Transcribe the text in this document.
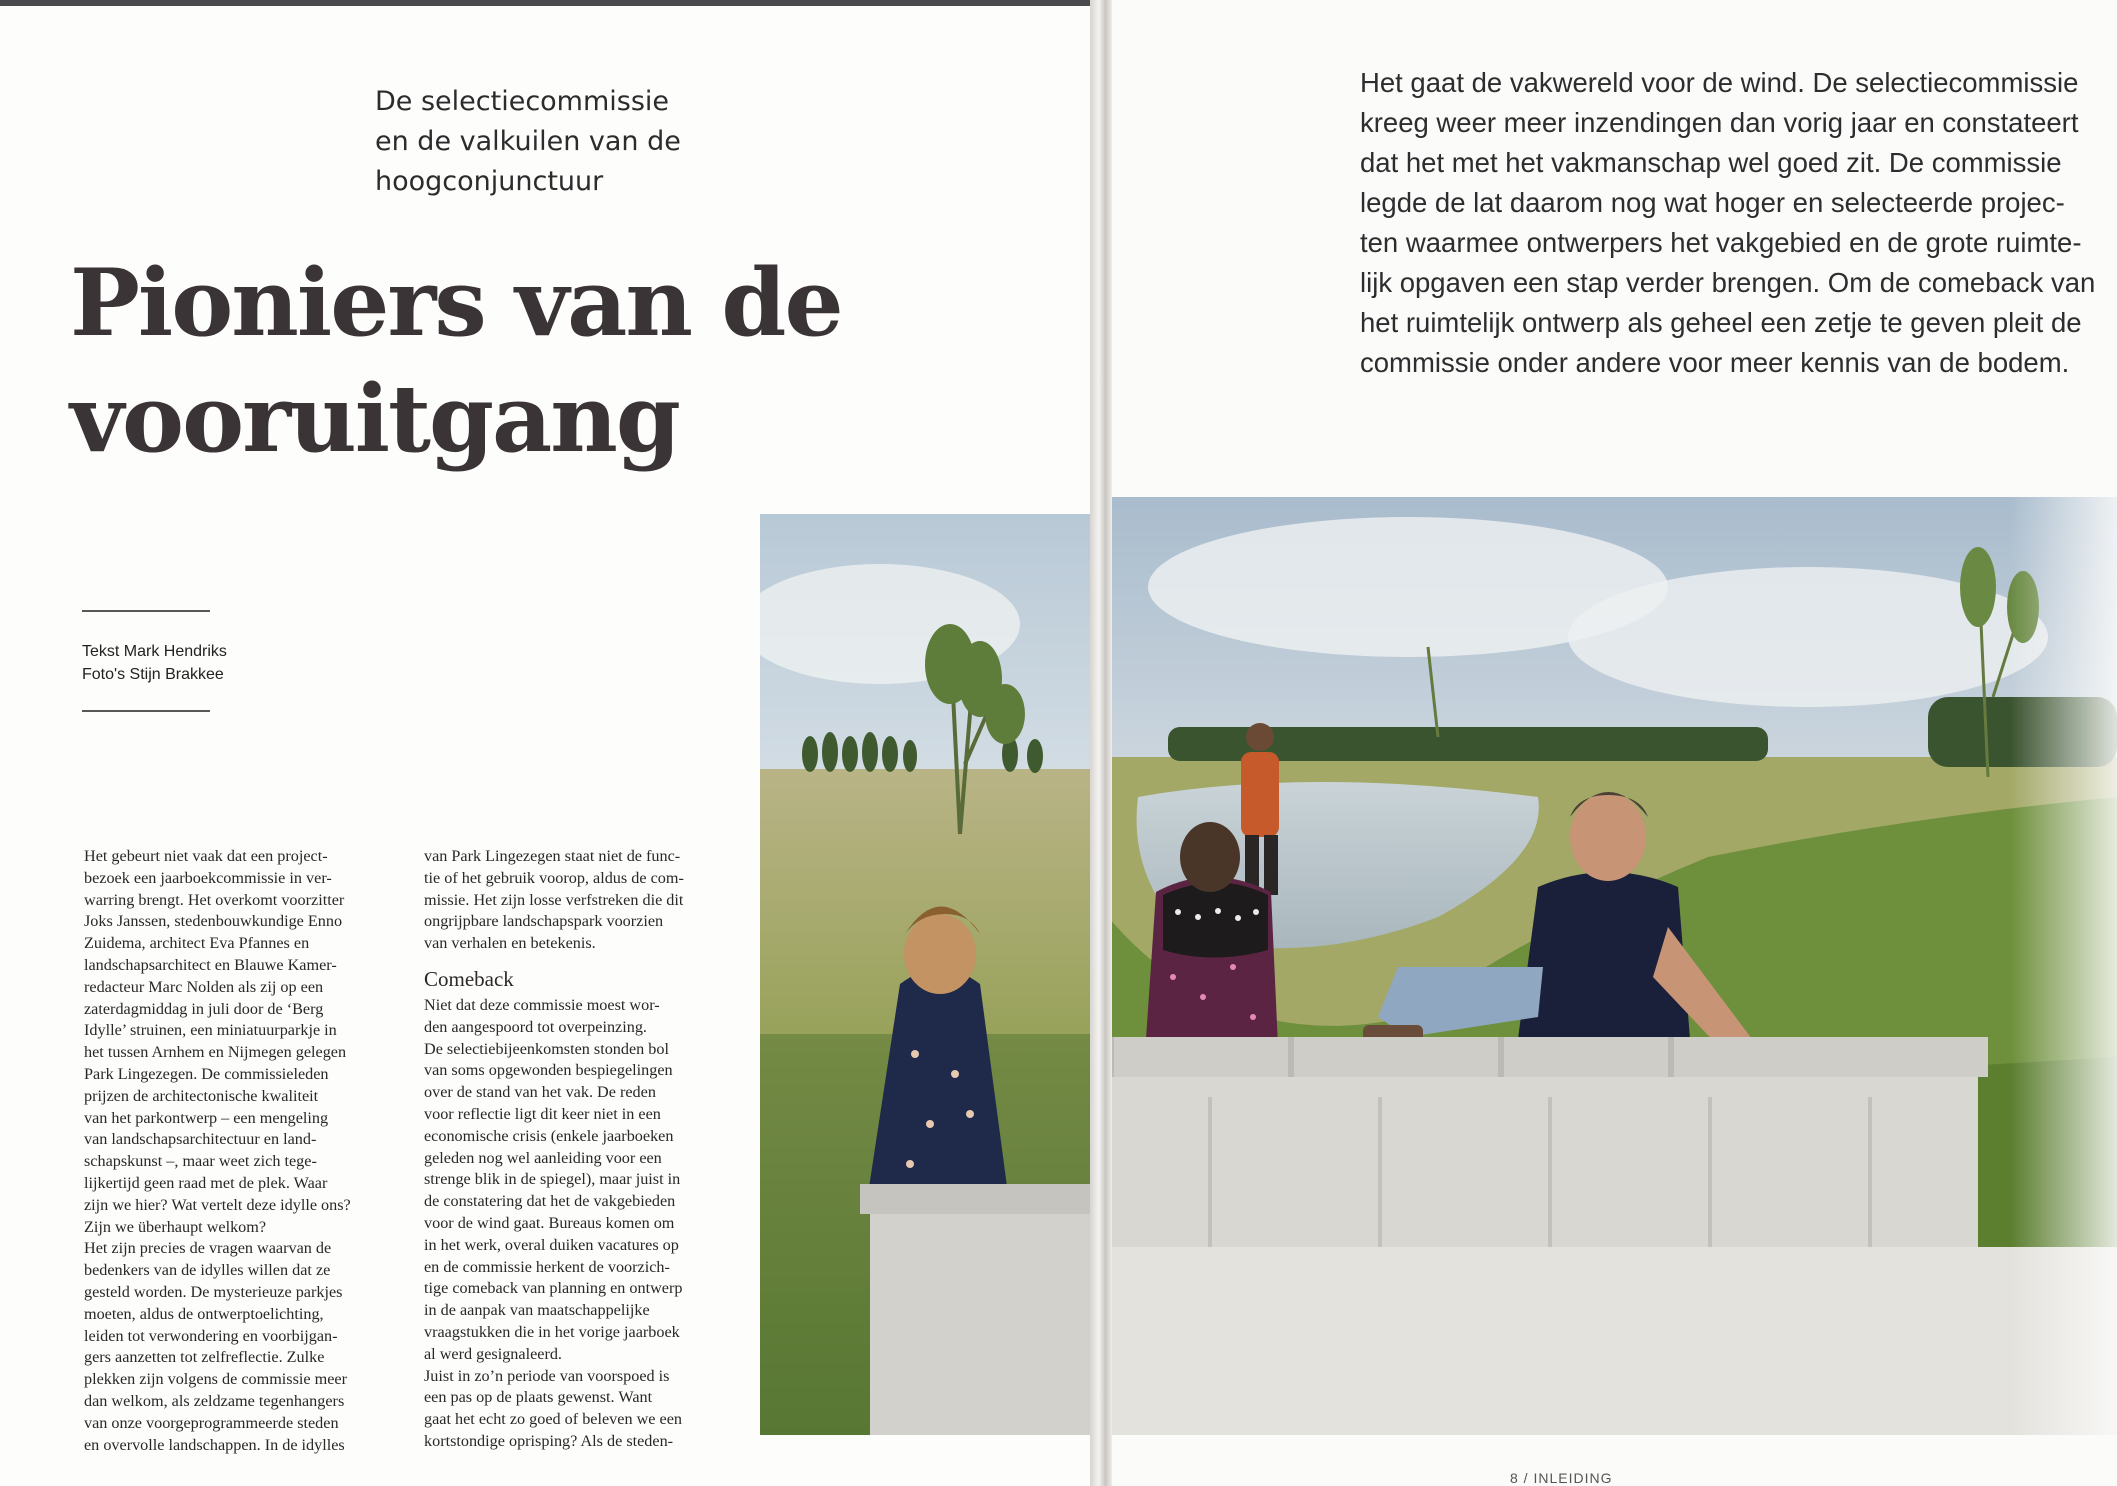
De selectiecommissie
en de valkuilen van de
hoogconjunctuur
Pioniers van de
vooruitgang
Tekst Mark Hendriks
Foto's Stijn Brakkee
Het gebeurt niet vaak dat een project-
bezoek een jaarboekcommissie in ver-
warring brengt. Het overkomt voorzitter
Joks Janssen, stedenbouwkundige Enno
Zuidema, architect Eva Pfannes en
landschapsarchitect en Blauwe Kamer-
redacteur Marc Nolden als zij op een
zaterdagmiddag in juli door de ‘Berg
Idylle’ struinen, een miniatuurparkje in
het tussen Arnhem en Nijmegen gelegen
Park Lingezegen. De commissieleden
prijzen de architectonische kwaliteit
van het parkontwerp – een mengeling
van landschapsarchitectuur en land-
schapskunst –, maar weet zich tege-
lijkertijd geen raad met de plek. Waar
zijn we hier? Wat vertelt deze idylle ons?
Zijn we überhaupt welkom?
Het zijn precies de vragen waarvan de
bedenkers van de idylles willen dat ze
gesteld worden. De mysterieuze parkjes
moeten, aldus de ontwerptoelichting,
leiden tot verwondering en voorbijgan-
gers aanzetten tot zelfreflectie. Zulke
plekken zijn volgens de commissie meer
dan welkom, als zeldzame tegenhangers
van onze voorgeprogrammeerde steden
en overvolle landschappen. In de idylles
van Park Lingezegen staat niet de func-
tie of het gebruik voorop, aldus de com-
missie. Het zijn losse verfstreken die dit
ongrijpbare landschapspark voorzien
van verhalen en betekenis.
Comeback
Niet dat deze commissie moest wor-
den aangespoord tot overpeinzing.
De selectiebijeenkomsten stonden bol
van soms opgewonden bespiegelingen
over de stand van het vak. De reden
voor reflectie ligt dit keer niet in een
economische crisis (enkele jaarboeken
geleden nog wel aanleiding voor een
strenge blik in de spiegel), maar juist in
de constatering dat het de vakgebieden
voor de wind gaat. Bureaus komen om
in het werk, overal duiken vacatures op
en de commissie herkent de voorzich-
tige comeback van planning en ontwerp
in de aanpak van maatschappelijke
vraagstukken die in het vorige jaarboek
al werd gesignaleerd.
Juist in zo’n periode van voorspoed is
een pas op de plaats gewenst. Want
gaat het echt zo goed of beleven we een
kortstondige oprisping? Als de steden-
Het gaat de vakwereld voor de wind. De selectiecommissie
kreeg weer meer inzendingen dan vorig jaar en constateert
dat het met het vakmanschap wel goed zit. De commissie
legde de lat daarom nog wat hoger en selecteerde projec-
ten waarmee ontwerpers het vakgebied en de grote ruimte-
lijk opgaven een stap verder brengen. Om de comeback van
het ruimtelijk ontwerp als geheel een zetje te geven pleit de
commissie onder andere voor meer kennis van de bodem.
8 / INLEIDING
